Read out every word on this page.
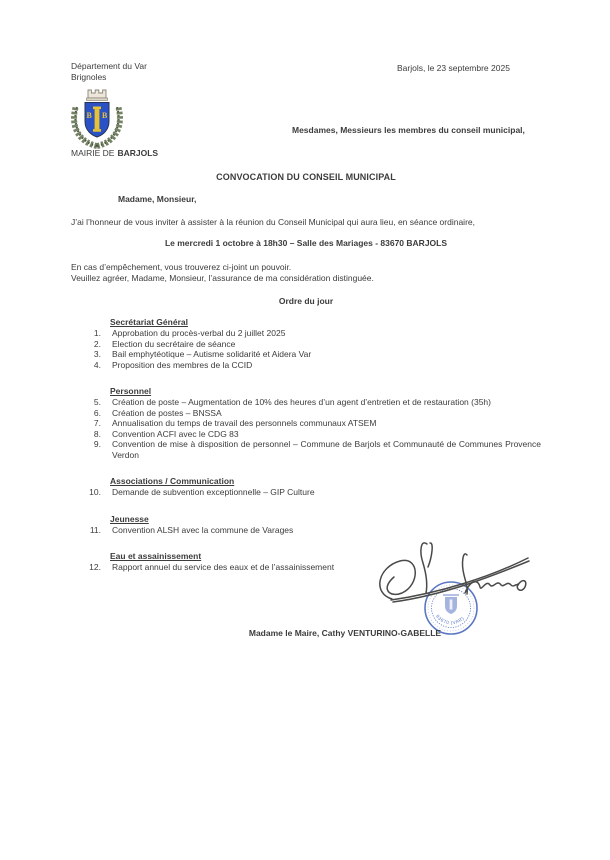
Département du Var
Brignoles
B B
MAIRIE DE BARJOLS
Barjols, le 23 septembre 2025
Mesdames, Messieurs les membres du conseil municipal,
CONVOCATION DU CONSEIL MUNICIPAL
Madame, Monsieur,
J’ai l’honneur de vous inviter à assister à la réunion du Conseil Municipal qui aura lieu, en séance ordinaire,
Le mercredi 1 octobre à 18h30 – Salle des Mariages - 83670 BARJOLS
En cas d’empêchement, vous trouverez ci-joint un pouvoir.
Veuillez agréer, Madame, Monsieur, l’assurance de ma considération distinguée.
Ordre du jour
Secrétariat Général
1. Approbation du procès-verbal du 2 juillet 2025
2. Election du secrétaire de séance
3. Bail emphytéotique – Autisme solidarité et Aidera Var
4. Proposition des membres de la CCID
Personnel
5. Création de poste – Augmentation de 10% des heures d’un agent d’entretien et de restauration (35h)
6. Création de postes – BNSSA
7. Annualisation du temps de travail des personnels communaux ATSEM
8. Convention ACFI avec le CDG 83
9. Convention de mise à disposition de personnel – Commune de Barjols et Communauté de Communes Provence Verdon
Associations / Communication
10. Demande de subvention exceptionnelle – GIP Culture
Jeunesse
11. Convention ALSH avec la commune de Varages
Eau et assainissement
12. Rapport annuel du service des eaux et de l’assainissement
83670 (VAR)
Madame le Maire, Cathy VENTURINO-GABELLE
